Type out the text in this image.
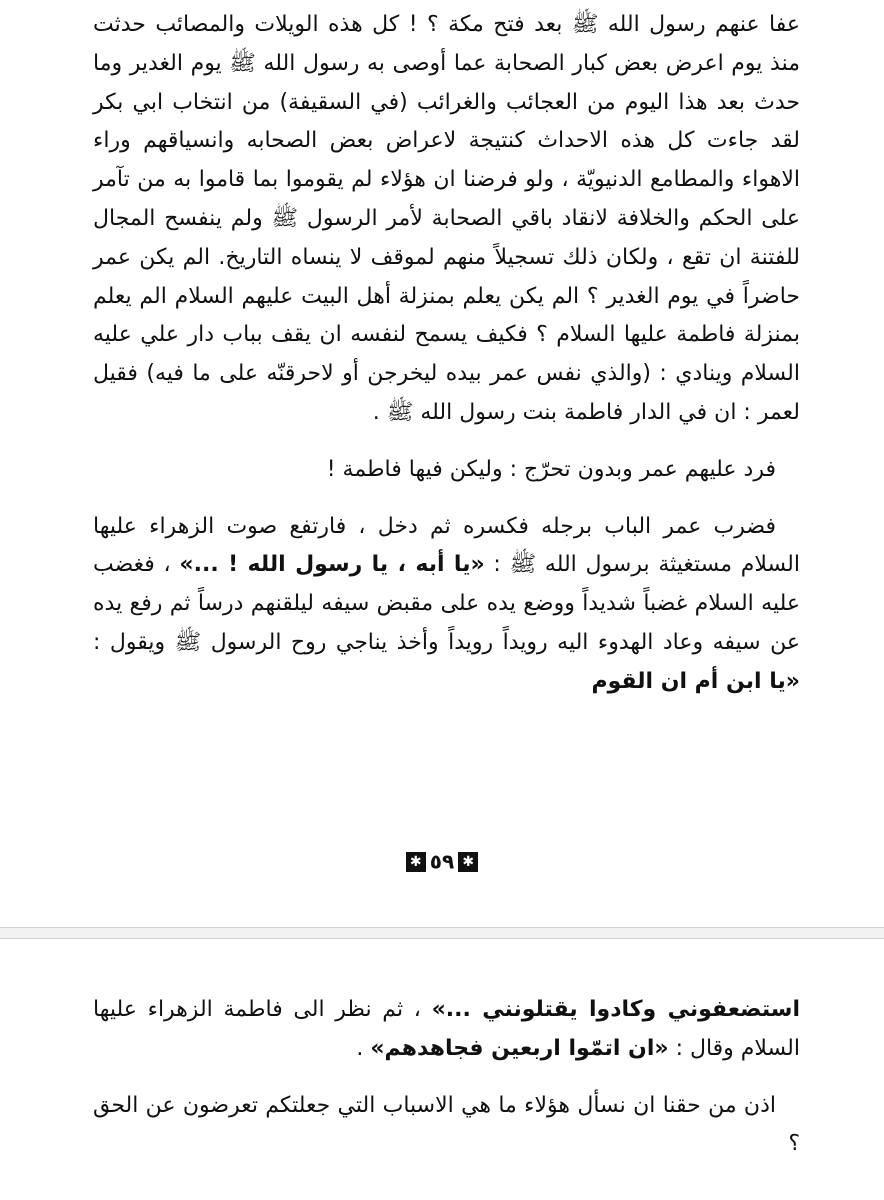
عفا عنهم رسول الله ﷺ بعد فتح مكة ؟ ! كل هذه الويلات والمصائب حدثت منذ يوم اعرض بعض كبار الصحابة عما أوصى به رسول الله ﷺ يوم الغدير وما حدث بعد هذا اليوم من العجائب والغرائب (في السقيفة) من انتخاب ابي بكر لقد جاءت كل هذه الاحداث كنتيجة لاعراض بعض الصحابه وانسياقهم وراء الاهواء والمطامع الدنيويّة ، ولو فرضنا ان هؤلاء لم يقوموا بما قاموا به من تآمر على الحكم والخلافة لانقاد باقي الصحابة لأمر الرسول ﷺ ولم ينفسح المجال للفتنة ان تقع ، ولكان ذلك تسجيلاً منهم لموقف لا ينساه التاريخ. الم يكن عمر حاضراً في يوم الغدير ؟ الم يكن يعلم بمنزلة أهل البيت عليهم السلام الم يعلم بمنزلة فاطمة عليها السلام ؟ فكيف يسمح لنفسه ان يقف بباب دار علي عليه السلام وينادي : (والذي نفس عمر بيده ليخرجن أو لاحرقنّه على ما فيه) فقيل لعمر : ان في الدار فاطمة بنت رسول الله ﷺ .

فرد عليهم عمر وبدون تحرّج : وليكن فيها فاطمة !

فضرب عمر الباب برجله فكسره ثم دخل ، فارتفع صوت الزهراء عليها السلام مستغيثة برسول الله ﷺ : «يا أبه ، يا رسول الله ! ...» ، فغضب عليه السلام غضباً شديداً ووضع يده على مقبض سيفه ليلقنهم درساً ثم رفع يده عن سيفه وعاد الهدوء اليه رويداً رويداً وأخذ يناجي روح الرسول ﷺ ويقول : «يا ابن أم ان القوم

✱٥٩✱

استضعفوني وكادوا يقتلونني ...» ، ثم نظر الى فاطمة الزهراء عليها السلام وقال : «ان اتمّوا اربعين فجاهدهم» .

اذن من حقنا ان نسأل هؤلاء ما هي الاسباب التي جعلتكم تعرضون عن الحق ؟
